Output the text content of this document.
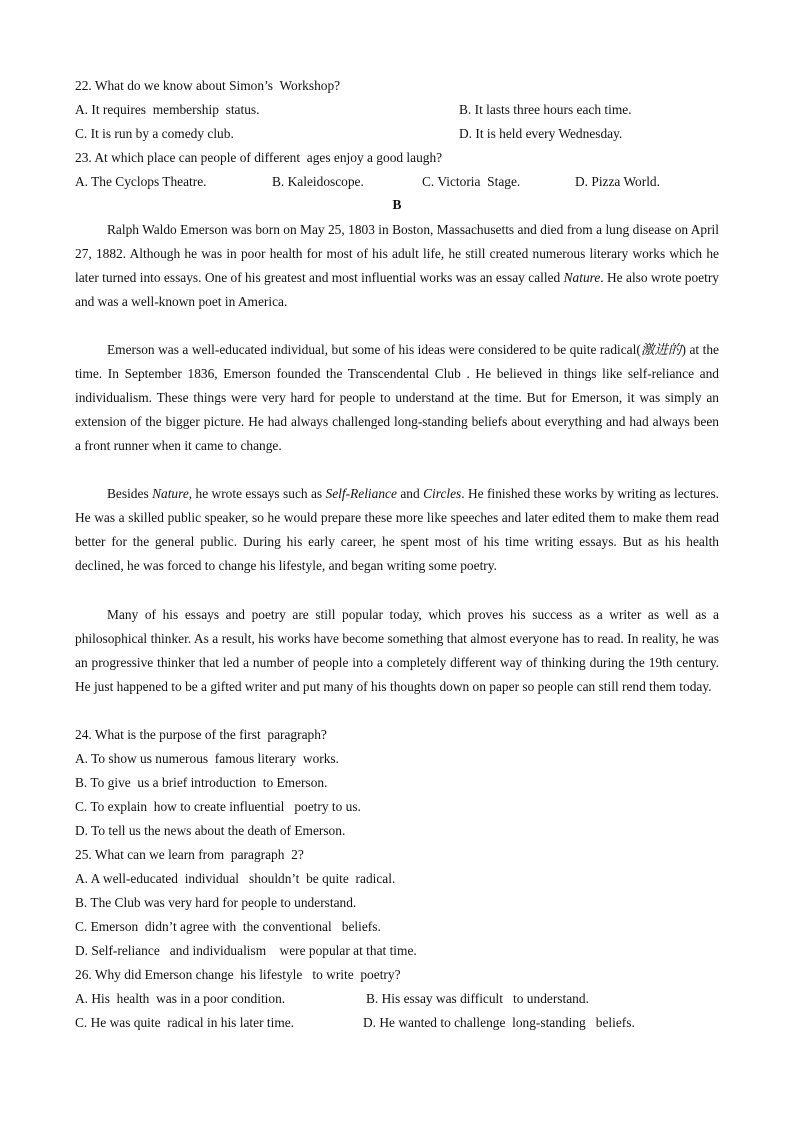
22. What do we know about Simon’s  Workshop?
A. It requires  membership  status.	B. It lasts three hours each time.
C. It is run by a comedy club.	D. It is held every Wednesday.
23. At which place can people of different  ages enjoy a good laugh?
A. The Cyclops Theatre.	B. Kaleidoscope.	C. Victoria  Stage.	D. Pizza World.
B

Ralph Waldo Emerson was born on May 25, 1803 in Boston, Massachusetts and died from a lung disease on April 27, 1882. Although he was in poor health for most of his adult life, he still created numerous literary works which he later turned into essays. One of his greatest and most influential works was an essay called Nature. He also wrote poetry and was a well-known poet in America.

Emerson was a well-educated individual, but some of his ideas were considered to be quite radical(激进的) at the time. In September 1836, Emerson founded the Transcendental Club . He believed in things like self-reliance and individualism. These things were very hard for people to understand at the time. But for Emerson, it was simply an extension of the bigger picture. He had always challenged long-standing beliefs about everything and had always been a front runner when it came to change.

Besides Nature, he wrote essays such as Self-Reliance and Circles. He finished these works by writing as lectures. He was a skilled public speaker, so he would prepare these more like speeches and later edited them to make them read better for the general public. During his early career, he spent most of his time writing essays. But as his health declined, he was forced to change his lifestyle, and began writing some poetry.

Many of his essays and poetry are still popular today, which proves his success as a writer as well as a philosophical thinker. As a result, his works have become something that almost everyone has to read. In reality, he was an progressive thinker that led a number of people into a completely different way of thinking during the 19th century. He just happened to be a gifted writer and put many of his thoughts down on paper so people can still rend them today.

24. What is the purpose of the first  paragraph?
A. To show us numerous  famous literary  works.
B. To give  us a brief introduction  to Emerson.
C. To explain  how to create influential   poetry to us.
D. To tell us the news about the death of Emerson.
25. What can we learn from  paragraph  2?
A. A well-educated  individual   shouldn’t  be quite  radical.
B. The Club was very hard for people to understand.
C. Emerson  didn’t agree with  the conventional   beliefs.
D. Self-reliance   and individualism    were popular at that time.
26. Why did Emerson change  his lifestyle   to write  poetry?
A. His  health  was in a poor condition.	B. His essay was difficult   to understand.
C. He was quite  radical in his later time.	D. He wanted to challenge  long-standing   beliefs.
